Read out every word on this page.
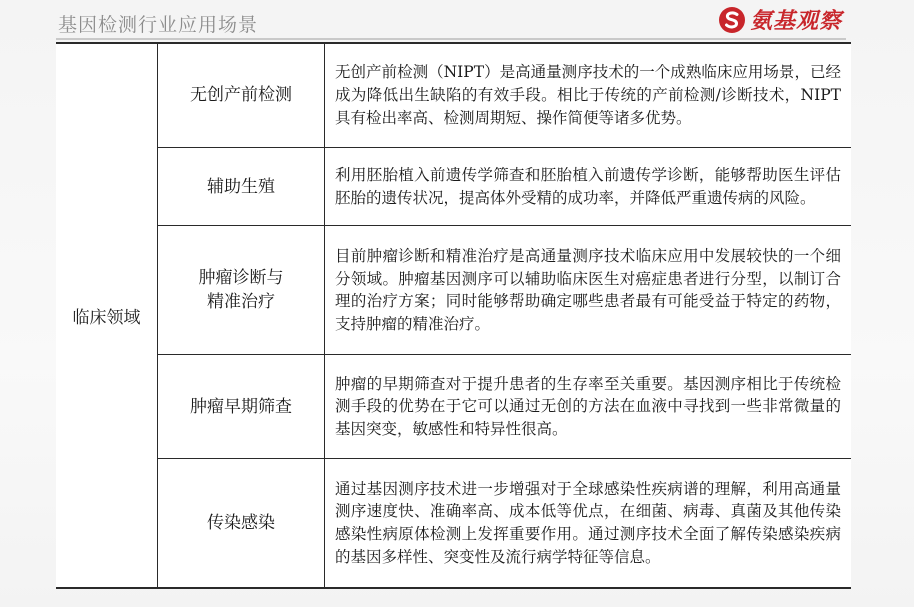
基因检测行业应用场景	氨基观察
临床领域	无创产前检测	无创产前检测（NIPT）是高通量测序技术的一个成熟临床应用场景，已经成为降低出生缺陷的有效手段。相比于传统的产前检测/诊断技术，NIPT 具有检出率高、检测周期短、操作简便等诸多优势。

	辅助生殖	利用胚胎植入前遗传学筛查和胚胎植入前遗传学诊断，能够帮助医生评估胚胎的遗传状况，提高体外受精的成功率，并降低严重遗传病的风险。

	肿瘤诊断与
精准治疗	目前肿瘤诊断和精准治疗是高通量测序技术临床应用中发展较快的一个细分领域。肿瘤基因测序可以辅助临床医生对癌症患者进行分型，以制订合理的治疗方案；同时能够帮助确定哪些患者最有可能受益于特定的药物，支持肿瘤的精准治疗。

	肿瘤早期筛查	肿瘤的早期筛查对于提升患者的生存率至关重要。基因测序相比于传统检测手段的优势在于它可以通过无创的方法在血液中寻找到一些非常微量的基因突变，敏感性和特异性很高。

	传染感染	通过基因测序技术进一步增强对于全球感染性疾病谱的理解，利用高通量测序速度快、准确率高、成本低等优点，在细菌、病毒、真菌及其他传染感染性病原体检测上发挥重要作用。通过测序技术全面了解传染感染疾病的基因多样性、突变性及流行病学特征等信息。
